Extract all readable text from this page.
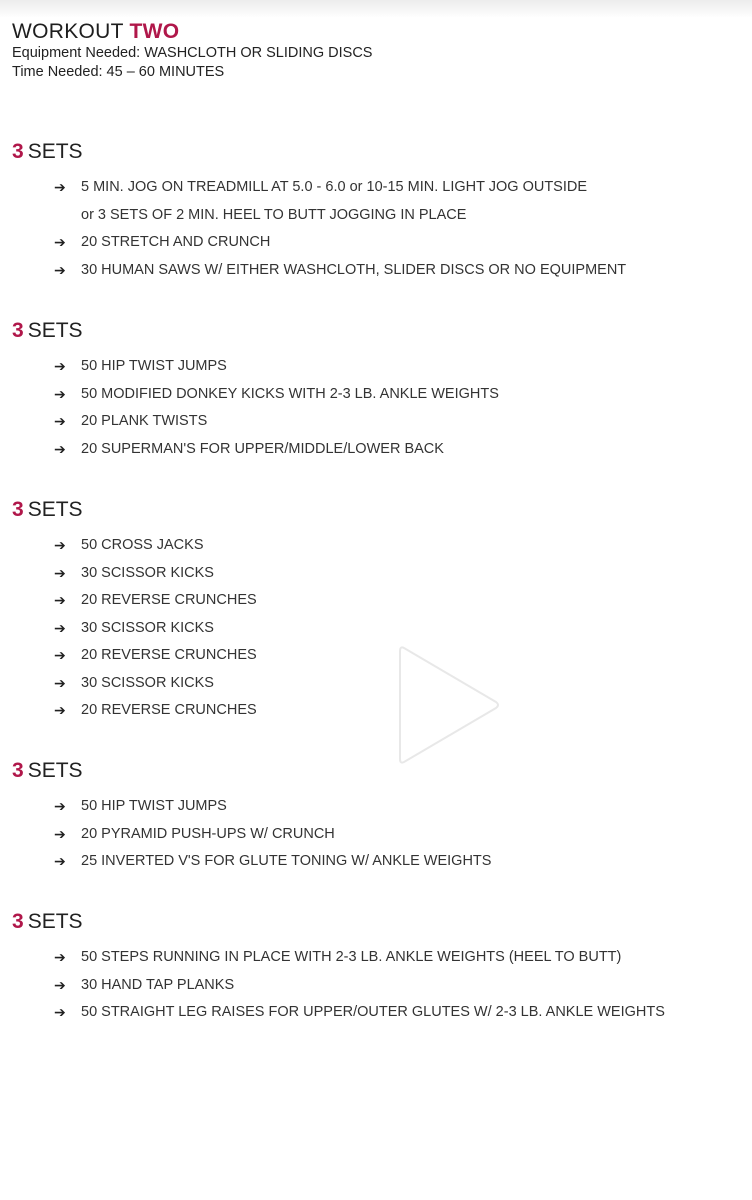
WORKOUT TWO
Equipment Needed: WASHCLOTH OR SLIDING DISCS
Time Needed: 45 – 60 MINUTES
3 SETS
➔ 5 MIN. JOG ON TREADMILL AT 5.0 - 6.0 or 10-15 MIN. LIGHT JOG OUTSIDE
or 3 SETS OF 2 MIN. HEEL TO BUTT JOGGING IN PLACE
➔ 20 STRETCH AND CRUNCH
➔ 30 HUMAN SAWS W/ EITHER WASHCLOTH, SLIDER DISCS OR NO EQUIPMENT
3 SETS
➔ 50 HIP TWIST JUMPS
➔ 50 MODIFIED DONKEY KICKS WITH 2-3 LB. ANKLE WEIGHTS
➔ 20 PLANK TWISTS
➔ 20 SUPERMAN'S FOR UPPER/MIDDLE/LOWER BACK
3 SETS
➔ 50 CROSS JACKS
➔ 30 SCISSOR KICKS
➔ 20 REVERSE CRUNCHES
➔ 30 SCISSOR KICKS
➔ 20 REVERSE CRUNCHES
➔ 30 SCISSOR KICKS
➔ 20 REVERSE CRUNCHES
3 SETS
➔ 50 HIP TWIST JUMPS
➔ 20 PYRAMID PUSH-UPS W/ CRUNCH
➔ 25 INVERTED V'S FOR GLUTE TONING W/ ANKLE WEIGHTS
3 SETS
➔ 50 STEPS RUNNING IN PLACE WITH 2-3 LB. ANKLE WEIGHTS (HEEL TO BUTT)
➔ 30 HAND TAP PLANKS
➔ 50 STRAIGHT LEG RAISES FOR UPPER/OUTER GLUTES W/ 2-3 LB. ANKLE WEIGHTS
